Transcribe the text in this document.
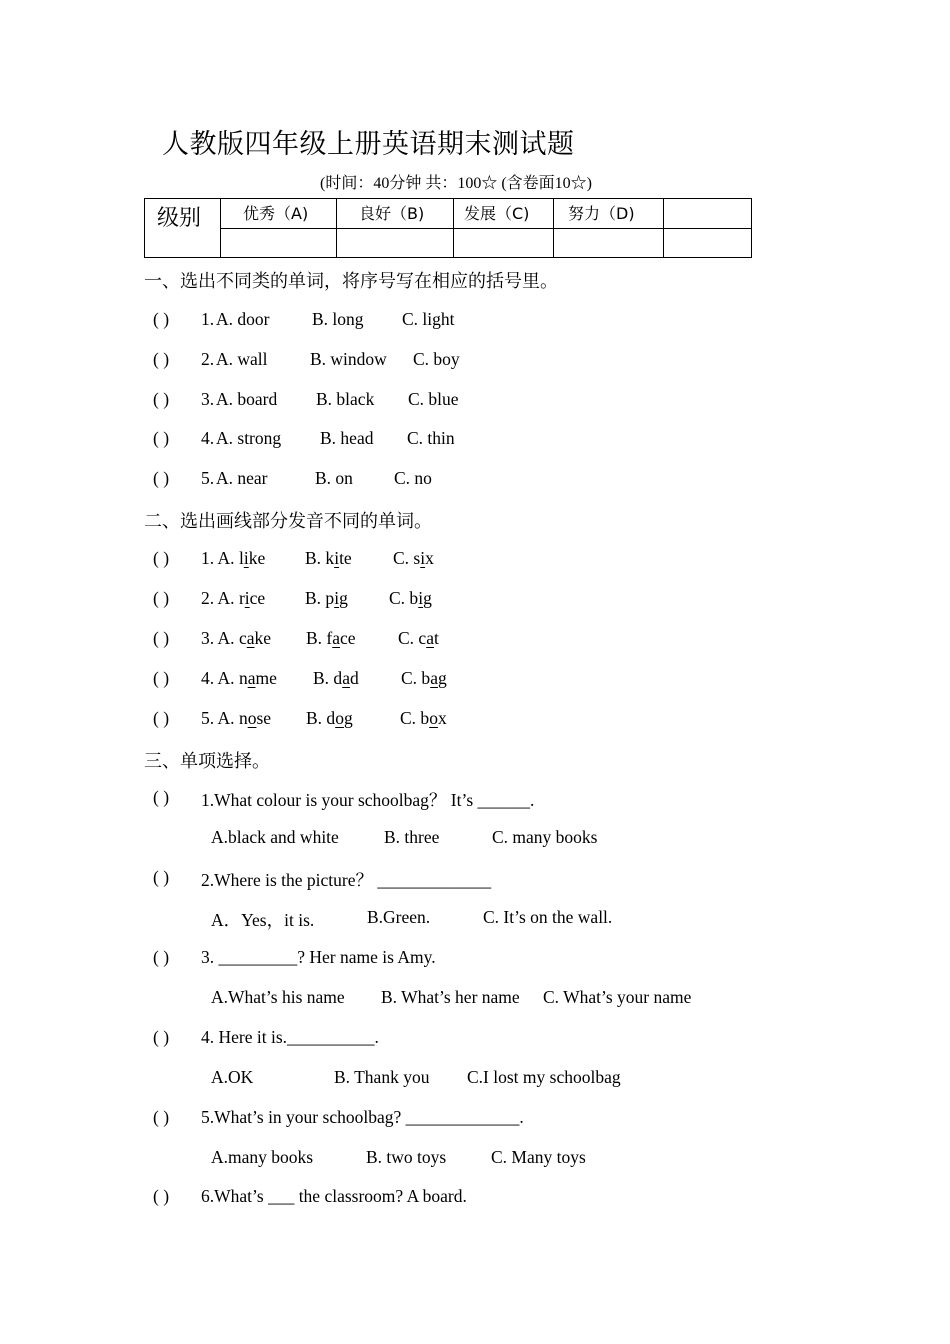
人教版四年级上册英语期末测试题
(时间：40分钟 共：100☆ (含卷面10☆)
级别	优秀（A)	良好（B)	发展（C)	努力（D)	

一、选出不同类的单词，将序号写在相应的括号里。
( ) 1. A. door B. long C. light
( ) 2. A. wall B. window C. boy
( ) 3. A. board B. black C. blue
( ) 4. A. strong B. head C. thin
( ) 5. A. near	B. on C. no
二、选出画线部分发音不同的单词。
( ) 1. A. like B. kite C. six
( ) 2. A. rice B. pig C. big
( ) 3. A. cake B. face C. cat
( ) 4. A. name B. dad C. bag
( ) 5. A. nose B. dog	C. box
三、单项选择。
( ) 1.What colour is your schoolbag？ It’s ______.
A.black and white	B. three	C. many books
( ) 2.Where is the picture？ _____________
A．Yes，it is.	B.Green.	C. It’s on the wall.
( ) 3. _________? Her name is Amy.
A.What’s his name B. What’s her name C. What’s your name
( ) 4. Here it is.__________.
A.OK	B. Thank you C.I lost my schoolbag
( ) 5.What’s in your schoolbag? _____________.
A.many books	B. two toys	C. Many toys
( ) 6.What’s ___ the classroom? A board.
